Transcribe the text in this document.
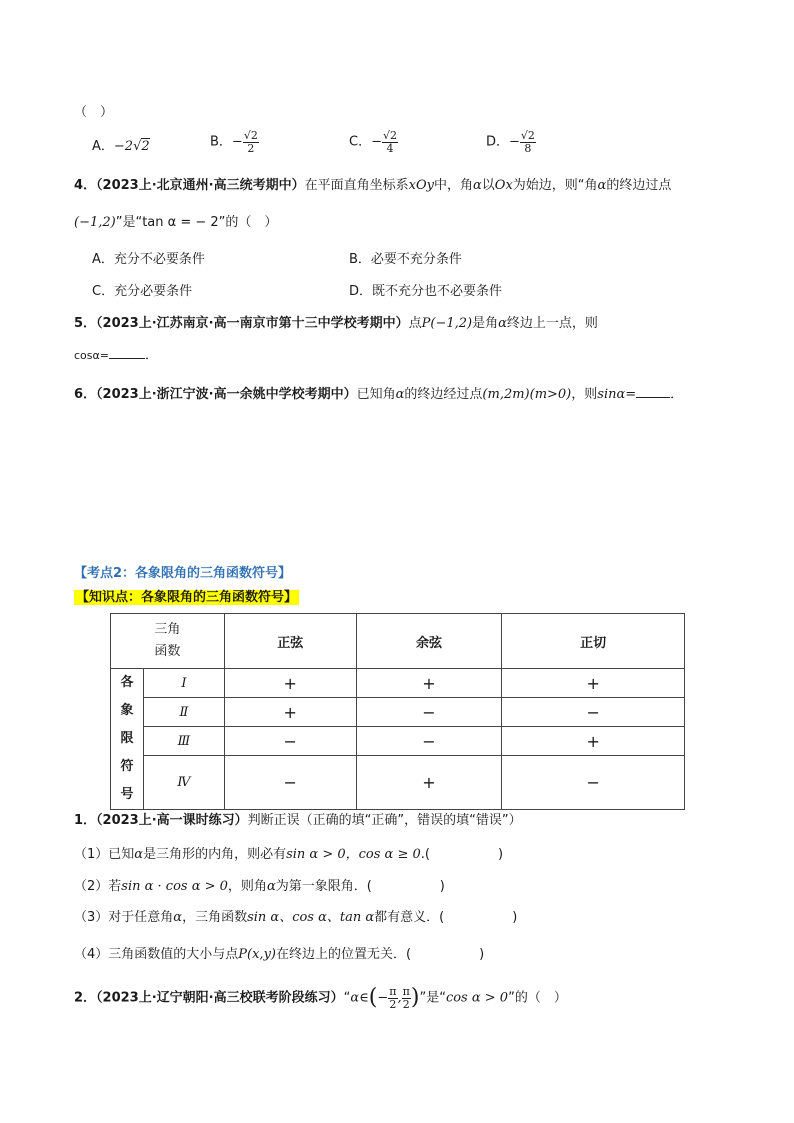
（　）
A．−2√2	B．− $\frac{√2}{2}$	C．− $\frac{√2}{4}$	D．− $\frac{√2}{8}$
4．（2023上·北京通州·高三统考期中）在平面直角坐标系xOy中，角α以Ox为始边，则“角α的终边过点
(−1,2)”是“tan α = − 2”的（　）
A．充分不必要条件	B．必要不充分条件
C．充分必要条件	D．既不充分也不必要条件
5．（2023上·江苏南京·高一南京市第十三中学校考期中）点P(−1,2)是角α终边上一点，则
cosα=	．
6．（2023上·浙江宁波·高一余姚中学校考期中）已知角α的终边经过点(m,2m)(m>0)，则sinα=	．
【考点2：各象限角的三角函数符号】
【知识点：各象限角的三角函数符号】
三角
函数		正弦	余弦	正切
各
象
限
符
号	Ⅰ	+	+	+
	Ⅱ	+	−	−
	Ⅲ	−	−	+
	Ⅳ	−	+	−
1．（2023上·高一课时练习）判断正误（正确的填“正确”，错误的填“错误”）
（1）已知α是三角形的内角，则必有sin α > 0，cos α ≥ 0.(	)
（2）若sin α · cos α > 0，则角α为第一象限角．(	)
（3）对于任意角α，三角函数sin α、cos α、tan α都有意义．(	)
（4）三角函数值的大小与点P(x,y)在终边上的位置无关．(	)
2．（2023上·辽宁朝阳·高三校联考阶段练习）“α∈(− $\frac{\pi}{2}$ , $\frac{\pi}{2}$ )”是“cos α > 0”的（　）
